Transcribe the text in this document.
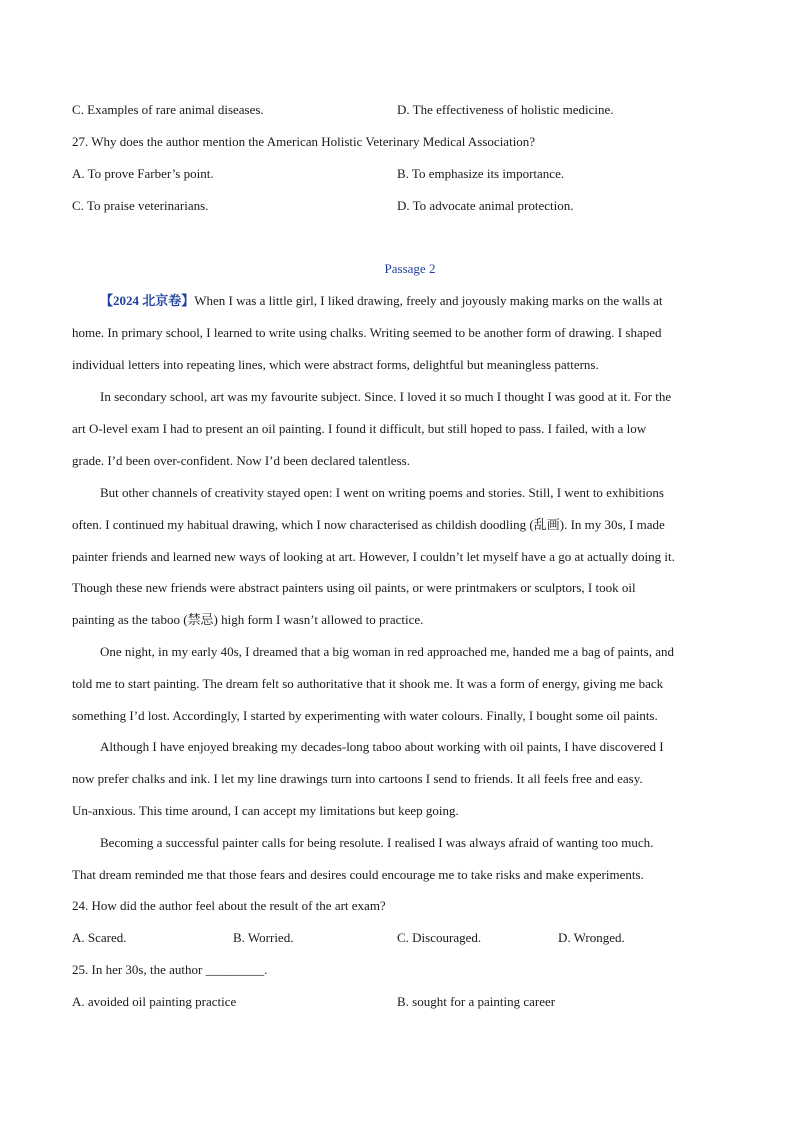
C. Examples of rare animal diseases.	D. The effectiveness of holistic medicine.
27. Why does the author mention the American Holistic Veterinary Medical Association?
A. To prove Farber’s point.	B. To emphasize its importance.
C. To praise veterinarians.	D. To advocate animal protection.
Passage 2
【2024 北京卷】When I was a little girl, I liked drawing, freely and joyously making marks on the walls at
home. In primary school, I learned to write using chalks. Writing seemed to be another form of drawing. I shaped
individual letters into repeating lines, which were abstract forms, delightful but meaningless patterns.
In secondary school, art was my favourite subject. Since. I loved it so much I thought I was good at it. For the
art O-level exam I had to present an oil painting. I found it difficult, but still hoped to pass. I failed, with a low
grade. I’d been over-confident. Now I’d been declared talentless.
But other channels of creativity stayed open: I went on writing poems and stories. Still, I went to exhibitions
often. I continued my habitual drawing, which I now characterised as childish doodling (乱画). In my 30s, I made
painter friends and learned new ways of looking at art. However, I couldn’t let myself have a go at actually doing it.
Though these new friends were abstract painters using oil paints, or were printmakers or sculptors, I took oil
painting as the taboo (禁忌) high form I wasn’t allowed to practice.
One night, in my early 40s, I dreamed that a big woman in red approached me, handed me a bag of paints, and
told me to start painting. The dream felt so authoritative that it shook me. It was a form of energy, giving me back
something I’d lost. Accordingly, I started by experimenting with water colours. Finally, I bought some oil paints.
Although I have enjoyed breaking my decades-long taboo about working with oil paints, I have discovered I
now prefer chalks and ink. I let my line drawings turn into cartoons I send to friends. It all feels free and easy.
Un-anxious. This time around, I can accept my limitations but keep going.
Becoming a successful painter calls for being resolute. I realised I was always afraid of wanting too much.
That dream reminded me that those fears and desires could encourage me to take risks and make experiments.
24. How did the author feel about the result of the art exam?
A. Scared.	B. Worried.	C. Discouraged.	D. Wronged.
25. In her 30s, the author _________.
A. avoided oil painting practice	B. sought for a painting career
